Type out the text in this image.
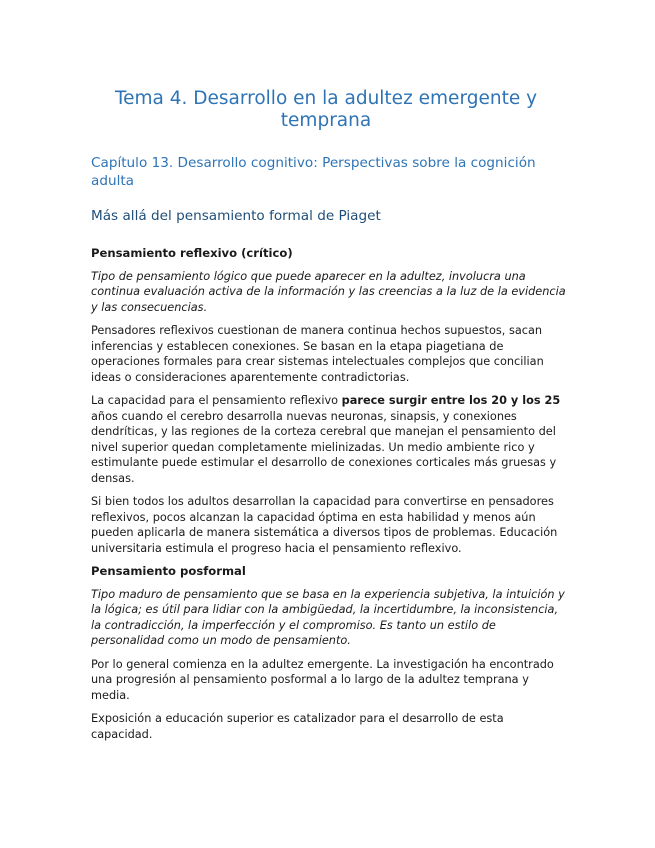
Tema 4. Desarrollo en la adultez emergente y temprana
Capítulo 13. Desarrollo cognitivo: Perspectivas sobre la cognición adulta
Más allá del pensamiento formal de Piaget

Pensamiento reflexivo (crítico)

Tipo de pensamiento lógico que puede aparecer en la adultez, involucra una continua evaluación activa de la información y las creencias a la luz de la evidencia y las consecuencias.

Pensadores reflexivos cuestionan de manera continua hechos supuestos, sacan inferencias y establecen conexiones. Se basan en la etapa piagetiana de operaciones formales para crear sistemas intelectuales complejos que concilian ideas o consideraciones aparentemente contradictorias.

La capacidad para el pensamiento reflexivo parece surgir entre los 20 y los 25 años cuando el cerebro desarrolla nuevas neuronas, sinapsis, y conexiones dendríticas, y las regiones de la corteza cerebral que manejan el pensamiento del nivel superior quedan completamente mielinizadas. Un medio ambiente rico y estimulante puede estimular el desarrollo de conexiones corticales más gruesas y densas.

Si bien todos los adultos desarrollan la capacidad para convertirse en pensadores reflexivos, pocos alcanzan la capacidad óptima en esta habilidad y menos aún pueden aplicarla de manera sistemática a diversos tipos de problemas. Educación universitaria estimula el progreso hacia el pensamiento reflexivo.

Pensamiento posformal

Tipo maduro de pensamiento que se basa en la experiencia subjetiva, la intuición y la lógica; es útil para lidiar con la ambigüedad, la incertidumbre, la inconsistencia, la contradicción, la imperfección y el compromiso. Es tanto un estilo de personalidad como un modo de pensamiento.

Por lo general comienza en la adultez emergente. La investigación ha encontrado una progresión al pensamiento posformal a lo largo de la adultez temprana y media.

Exposición a educación superior es catalizador para el desarrollo de esta capacidad.
